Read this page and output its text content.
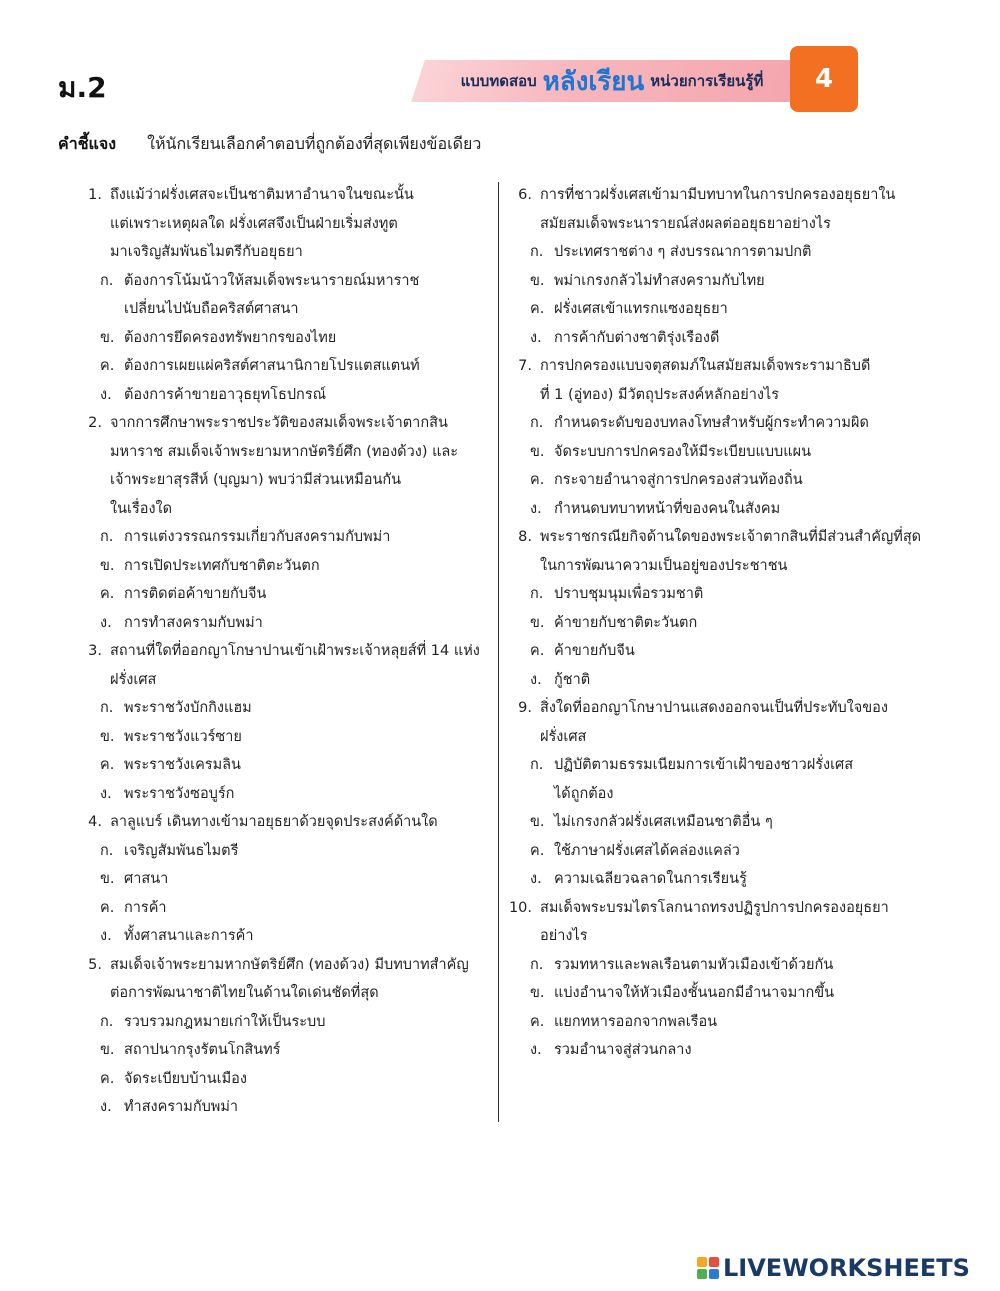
ม.2	แบบทดสอบ หลังเรียน หน่วยการเรียนรู้ที่	4
คำชี้แจง ให้นักเรียนเลือกคำตอบที่ถูกต้องที่สุดเพียงข้อเดียว
1. ถึงแม้ว่าฝรั่งเศสจะเป็นชาติมหาอำนาจในขณะนั้น
แต่เพราะเหตุผลใด ฝรั่งเศสจึงเป็นฝ่ายเริ่มส่งทูต
มาเจริญสัมพันธไมตรีกับอยุธยา
ก. ต้องการโน้มน้าวให้สมเด็จพระนารายณ์มหาราช
เปลี่ยนไปนับถือคริสต์ศาสนา
ข. ต้องการยึดครองทรัพยากรของไทย
ค. ต้องการเผยแผ่คริสต์ศาสนานิกายโปรแตสแตนท์
ง. ต้องการค้าขายอาวุธยุทโธปกรณ์
2. จากการศึกษาพระราชประวัติของสมเด็จพระเจ้าตากสิน
มหาราช สมเด็จเจ้าพระยามหากษัตริย์ศึก (ทองด้วง) และ
เจ้าพระยาสุรสีห์ (บุญมา) พบว่ามีส่วนเหมือนกัน
ในเรื่องใด
ก. การแต่งวรรณกรรมเกี่ยวกับสงครามกับพม่า
ข. การเปิดประเทศกับชาติตะวันตก
ค. การติดต่อค้าขายกับจีน
ง. การทำสงครามกับพม่า
3. สถานที่ใดที่ออกญาโกษาปานเข้าเฝ้าพระเจ้าหลุยส์ที่ 14 แห่ง
ฝรั่งเศส
ก. พระราชวังบักกิงแฮม
ข. พระราชวังแวร์ซาย
ค. พระราชวังเครมลิน
ง. พระราชวังซอบูร์ก
4. ลาลูแบร์ เดินทางเข้ามาอยุธยาด้วยจุดประสงค์ด้านใด
ก. เจริญสัมพันธไมตรี
ข. ศาสนา
ค. การค้า
ง. ทั้งศาสนาและการค้า
5. สมเด็จเจ้าพระยามหากษัตริย์ศึก (ทองด้วง) มีบทบาทสำคัญ
ต่อการพัฒนาชาติไทยในด้านใดเด่นชัดที่สุด
ก. รวบรวมกฎหมายเก่าให้เป็นระบบ
ข. สถาปนากรุงรัตนโกสินทร์
ค. จัดระเบียบบ้านเมือง
ง. ทำสงครามกับพม่า
6. การที่ชาวฝรั่งเศสเข้ามามีบทบาทในการปกครองอยุธยาใน
สมัยสมเด็จพระนารายณ์ส่งผลต่ออยุธยาอย่างไร
ก. ประเทศราชต่าง ๆ ส่งบรรณาการตามปกติ
ข. พม่าเกรงกลัวไม่ทำสงครามกับไทย
ค. ฝรั่งเศสเข้าแทรกแซงอยุธยา
ง. การค้ากับต่างชาติรุ่งเรืองดี
7. การปกครองแบบจตุสดมภ์ในสมัยสมเด็จพระรามาธิบดี
ที่ 1 (อู่ทอง) มีวัตถุประสงค์หลักอย่างไร
ก. กำหนดระดับของบทลงโทษสำหรับผู้กระทำความผิด
ข. จัดระบบการปกครองให้มีระเบียบแบบแผน
ค. กระจายอำนาจสู่การปกครองส่วนท้องถิ่น
ง. กำหนดบทบาทหน้าที่ของคนในสังคม
8. พระราชกรณียกิจด้านใดของพระเจ้าตากสินที่มีส่วนสำคัญที่สุด
ในการพัฒนาความเป็นอยู่ของประชาชน
ก. ปราบชุมนุมเพื่อรวมชาติ
ข. ค้าขายกับชาติตะวันตก
ค. ค้าขายกับจีน
ง. กู้ชาติ
9. สิ่งใดที่ออกญาโกษาปานแสดงออกจนเป็นที่ประทับใจของ
ฝรั่งเศส
ก. ปฏิบัติตามธรรมเนียมการเข้าเฝ้าของชาวฝรั่งเศส
ได้ถูกต้อง
ข. ไม่เกรงกลัวฝรั่งเศสเหมือนชาติอื่น ๆ
ค. ใช้ภาษาฝรั่งเศสได้คล่องแคล่ว
ง. ความเฉลียวฉลาดในการเรียนรู้
10. สมเด็จพระบรมไตรโลกนาถทรงปฏิรูปการปกครองอยุธยา
อย่างไร
ก. รวมทหารและพลเรือนตามหัวเมืองเข้าด้วยกัน
ข. แบ่งอำนาจให้หัวเมืองชั้นนอกมีอำนาจมากขึ้น
ค. แยกทหารออกจากพลเรือน
ง. รวมอำนาจสู่ส่วนกลาง
LIVEWORKSHEETS
